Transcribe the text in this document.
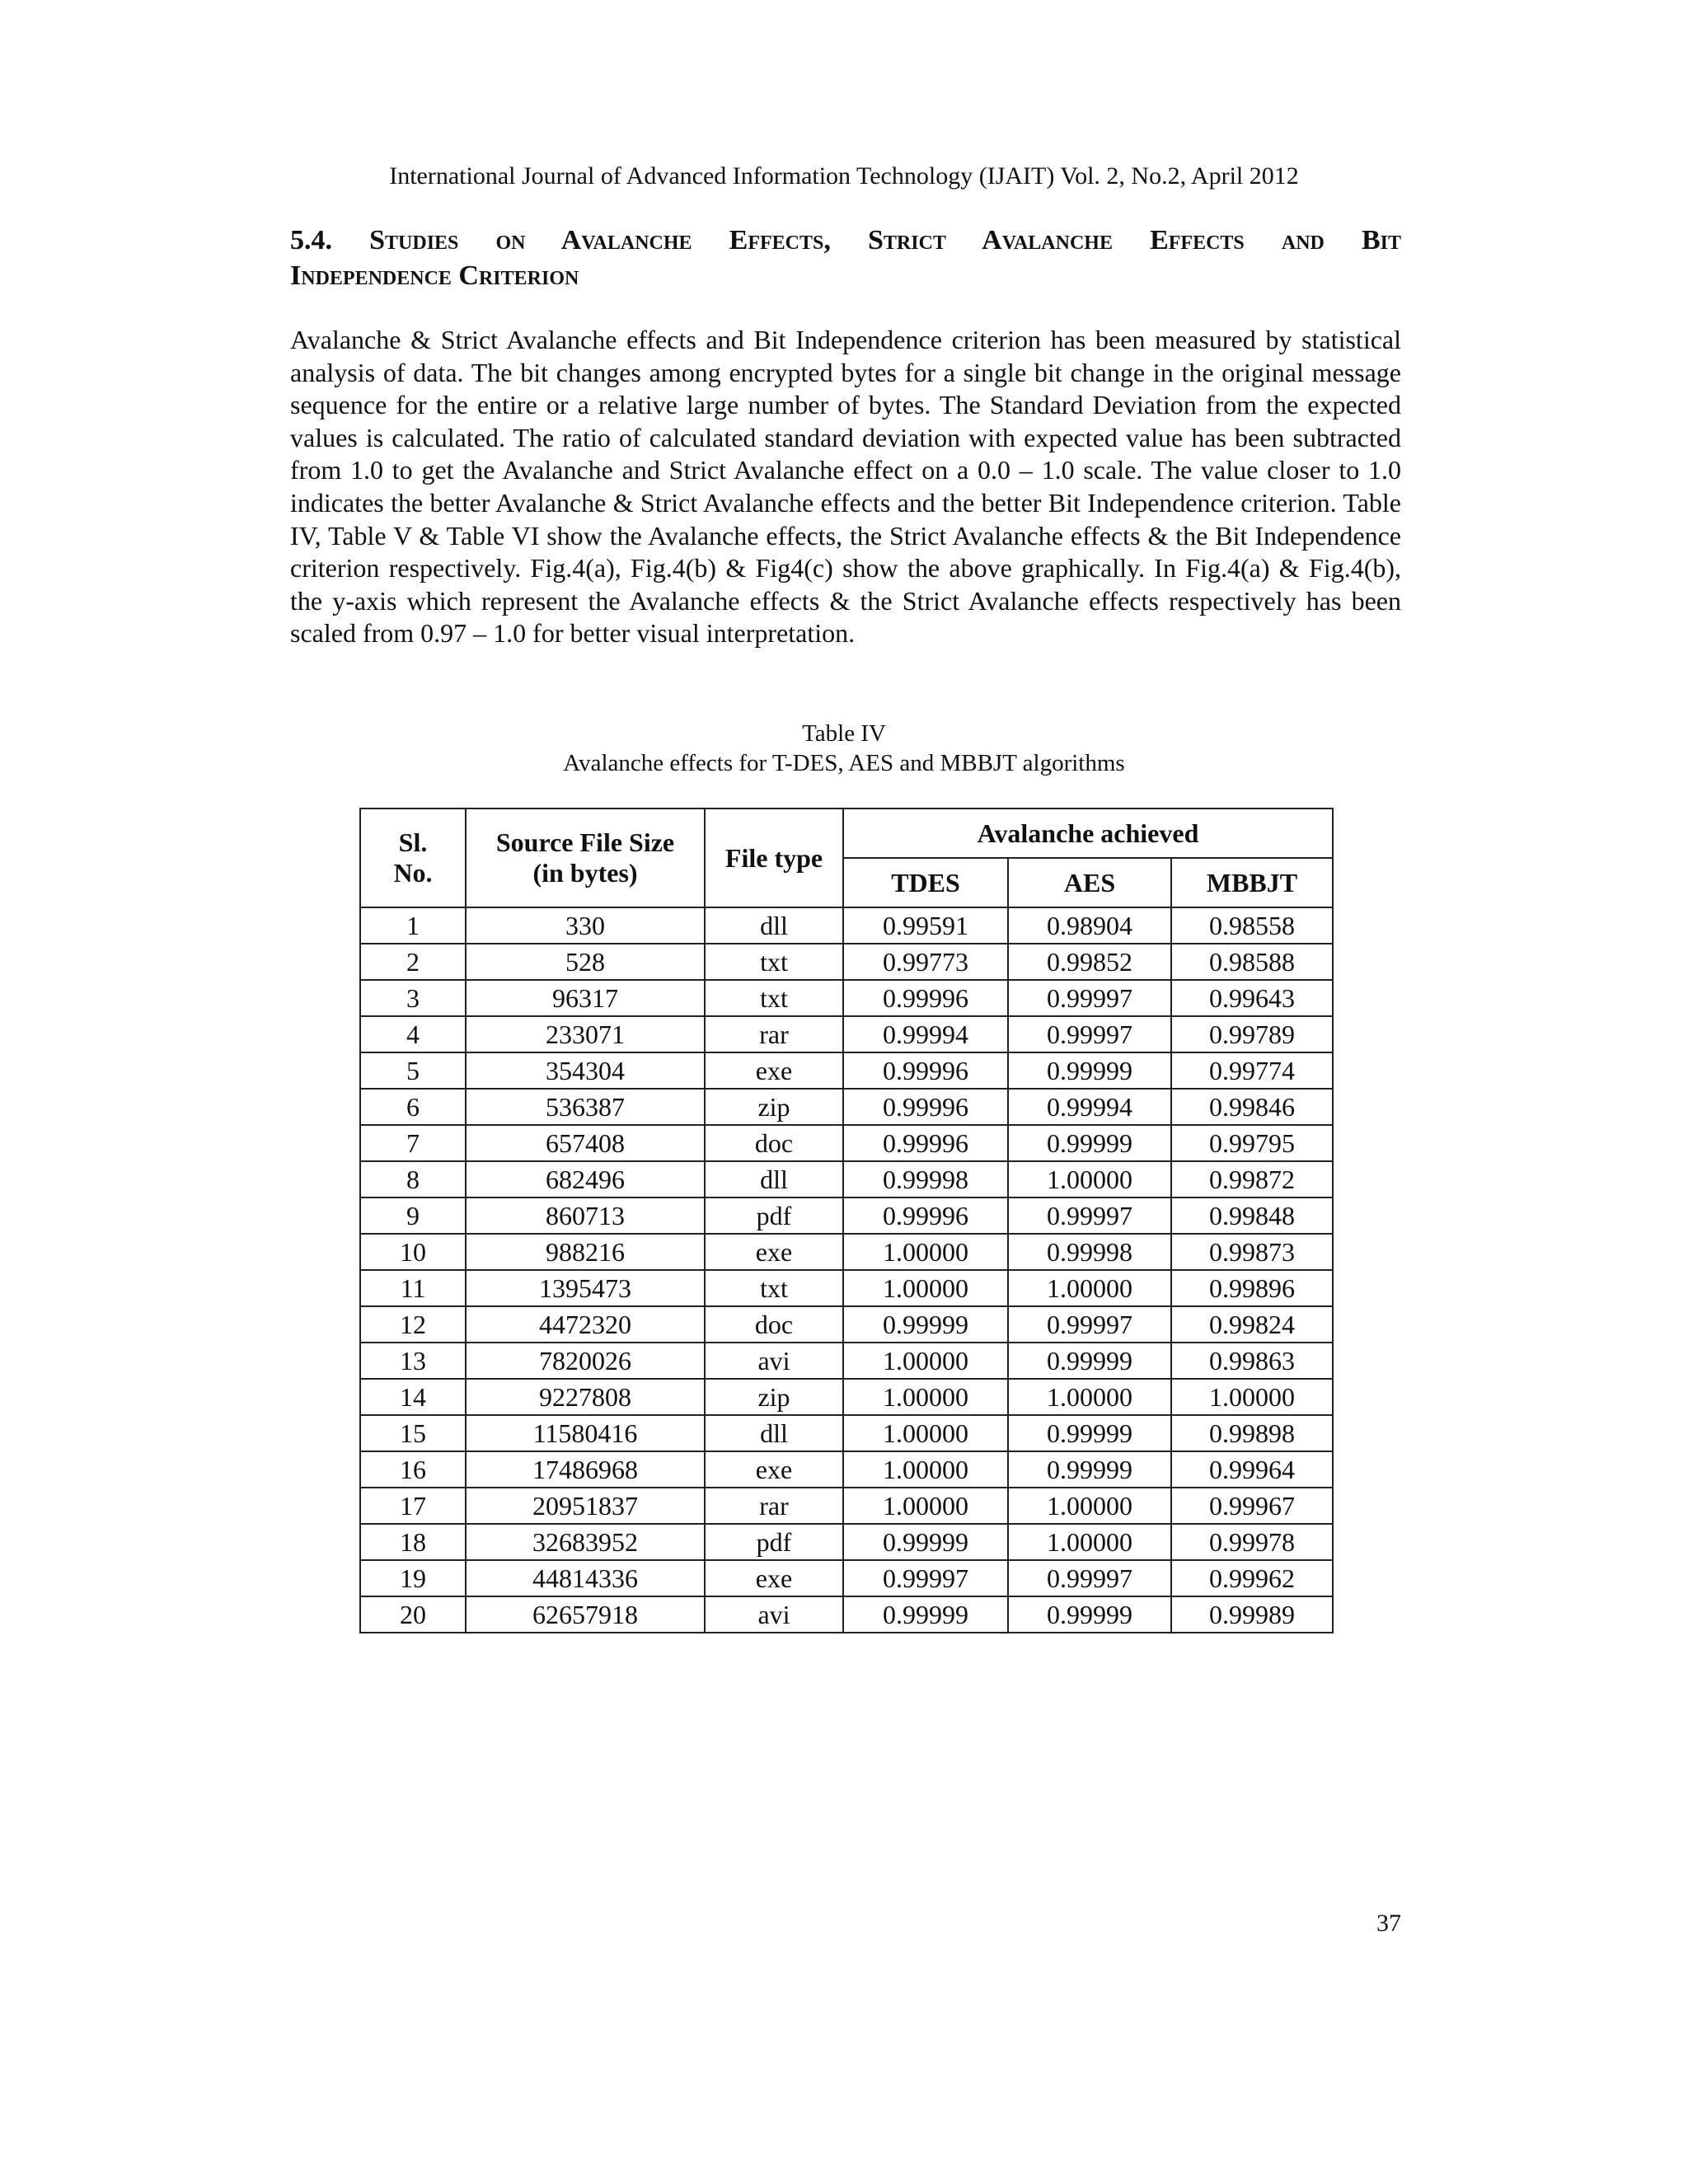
International Journal of Advanced Information Technology (IJAIT) Vol. 2, No.2, April 2012
5.4. Studies on Avalanche Effects, Strict Avalanche Effects and Bit
Independence Criterion

Avalanche & Strict Avalanche effects and Bit Independence criterion has been measured by statistical analysis of data. The bit changes among encrypted bytes for a single bit change in the original message sequence for the entire or a relative large number of bytes. The Standard Deviation from the expected values is calculated. The ratio of calculated standard deviation with expected value has been subtracted from 1.0 to get the Avalanche and Strict Avalanche effect on a 0.0 – 1.0 scale. The value closer to 1.0 indicates the better Avalanche & Strict Avalanche effects and the better Bit Independence criterion. Table IV, Table V & Table VI show the Avalanche effects, the Strict Avalanche effects & the Bit Independence criterion respectively. Fig.4(a), Fig.4(b) & Fig4(c) show the above graphically. In Fig.4(a) & Fig.4(b), the y-axis which represent the Avalanche effects & the Strict Avalanche effects respectively has been scaled from 0.97 – 1.0 for better visual interpretation.

Table IV
Avalanche effects for T-DES, AES and MBBJT algorithms
Sl.
No.	Source File Size
(in bytes)	File type	Avalanche achieved		
			TDES	AES	MBBJT
1	330	dll	0.99591	0.98904	0.98558
2	528	txt	0.99773	0.99852	0.98588
3	96317	txt	0.99996	0.99997	0.99643
4	233071	rar	0.99994	0.99997	0.99789
5	354304	exe	0.99996	0.99999	0.99774
6	536387	zip	0.99996	0.99994	0.99846
7	657408	doc	0.99996	0.99999	0.99795
8	682496	dll	0.99998	1.00000	0.99872
9	860713	pdf	0.99996	0.99997	0.99848
10	988216	exe	1.00000	0.99998	0.99873
11	1395473	txt	1.00000	1.00000	0.99896
12	4472320	doc	0.99999	0.99997	0.99824
13	7820026	avi	1.00000	0.99999	0.99863
14	9227808	zip	1.00000	1.00000	1.00000
15	11580416	dll	1.00000	0.99999	0.99898
16	17486968	exe	1.00000	0.99999	0.99964
17	20951837	rar	1.00000	1.00000	0.99967
18	32683952	pdf	0.99999	1.00000	0.99978
19	44814336	exe	0.99997	0.99997	0.99962
20	62657918	avi	0.99999	0.99999	0.99989
37
